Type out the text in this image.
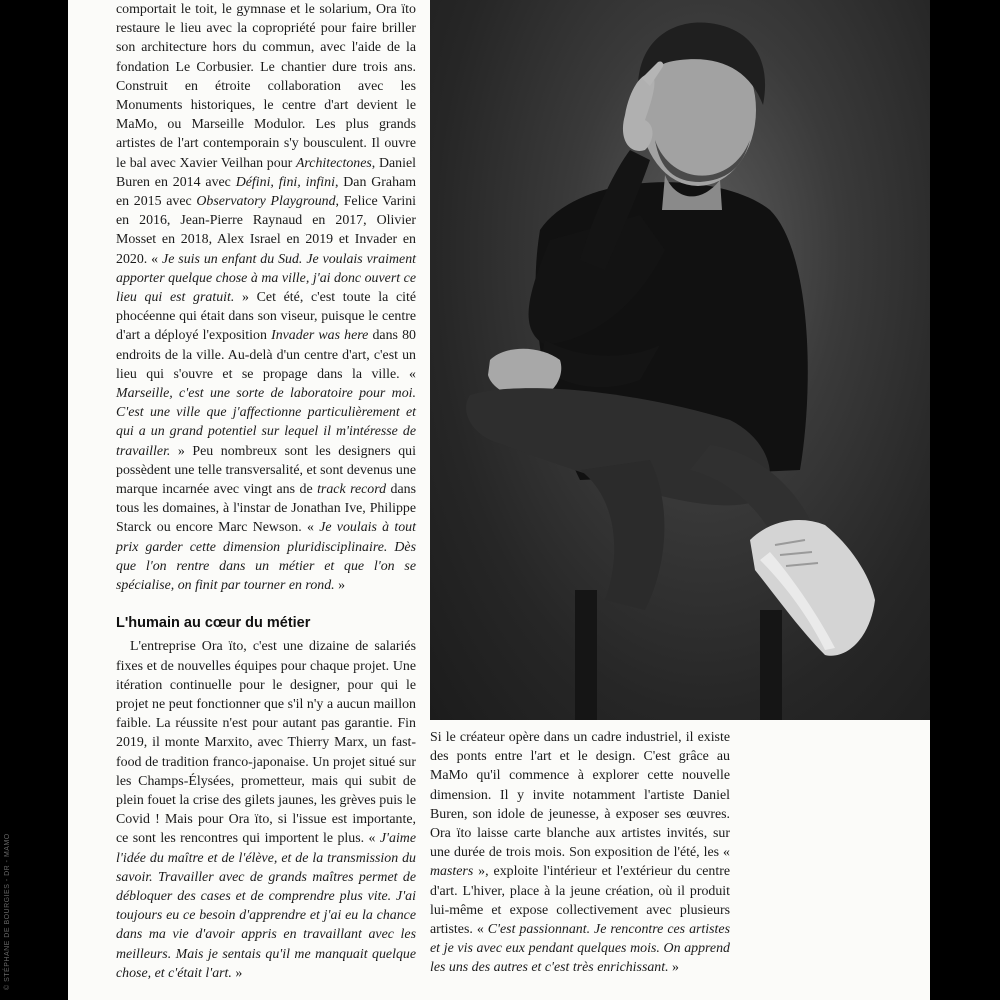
comportait le toit, le gymnase et le solarium, Ora ïto restaure le lieu avec la copropriété pour faire briller son architecture hors du commun, avec l'aide de la fondation Le Corbusier. Le chantier dure trois ans. Construit en étroite collaboration avec les Monuments historiques, le centre d'art devient le MaMo, ou Marseille Modulor. Les plus grands artistes de l'art contemporain s'y bousculent. Il ouvre le bal avec Xavier Veilhan pour Architectones, Daniel Buren en 2014 avec Défini, fini, infini, Dan Graham en 2015 avec Observatory Playground, Felice Varini en 2016, Jean-Pierre Raynaud en 2017, Olivier Mosset en 2018, Alex Israel en 2019 et Invader en 2020. « Je suis un enfant du Sud. Je voulais vraiment apporter quelque chose à ma ville, j'ai donc ouvert ce lieu qui est gratuit. » Cet été, c'est toute la cité phocéenne qui était dans son viseur, puisque le centre d'art a déployé l'exposition Invader was here dans 80 endroits de la ville. Au-delà d'un centre d'art, c'est un lieu qui s'ouvre et se propage dans la ville. « Marseille, c'est une sorte de laboratoire pour moi. C'est une ville que j'affectionne particulièrement et qui a un grand potentiel sur lequel il m'intéresse de travailler. » Peu nombreux sont les designers qui possèdent une telle transversalité, et sont devenus une marque incarnée avec vingt ans de track record dans tous les domaines, à l'instar de Jonathan Ive, Philippe Starck ou encore Marc Newson. « Je voulais à tout prix garder cette dimension pluridisciplinaire. Dès que l'on rentre dans un métier et que l'on se spécialise, on finit par tourner en rond. »

L'humain au cœur du métier

L'entreprise Ora ïto, c'est une dizaine de salariés fixes et de nouvelles équipes pour chaque projet. Une itération continuelle pour le designer, pour qui le projet ne peut fonctionner que s'il n'y a aucun maillon faible. La réussite n'est pour autant pas garantie. Fin 2019, il monte Marxito, avec Thierry Marx, un fast-food de tradition franco-japonaise. Un projet situé sur les Champs-Élysées, prometteur, mais qui subit de plein fouet la crise des gilets jaunes, les grèves puis le Covid ! Mais pour Ora ïto, si l'issue est importante, ce sont les rencontres qui importent le plus. « J'aime l'idée du maître et de l'élève, et de la transmission du savoir. Travailler avec de grands maîtres permet de débloquer des cases et de comprendre plus vite. J'ai toujours eu ce besoin d'apprendre et j'ai eu la chance dans ma vie d'avoir appris en travaillant avec les meilleurs. Mais je sentais qu'il me manquait quelque chose, et c'était l'art. »

Si le créateur opère dans un cadre industriel, il existe des ponts entre l'art et le design. C'est grâce au MaMo qu'il commence à explorer cette nouvelle dimension. Il y invite notamment l'artiste Daniel Buren, son idole de jeunesse, à exposer ses œuvres. Ora ïto laisse carte blanche aux artistes invités, sur une durée de trois mois. Son exposition de l'été, les « masters », exploite l'intérieur et l'extérieur du centre d'art. L'hiver, place à la jeune création, où il produit lui-même et expose collectivement avec plusieurs artistes. « C'est passionnant. Je rencontre ces artistes et je vis avec eux pendant quelques mois. On apprend les uns des autres et c'est très enrichissant. »

© STÉPHANE DE BOURGIES - DR - MAMO
